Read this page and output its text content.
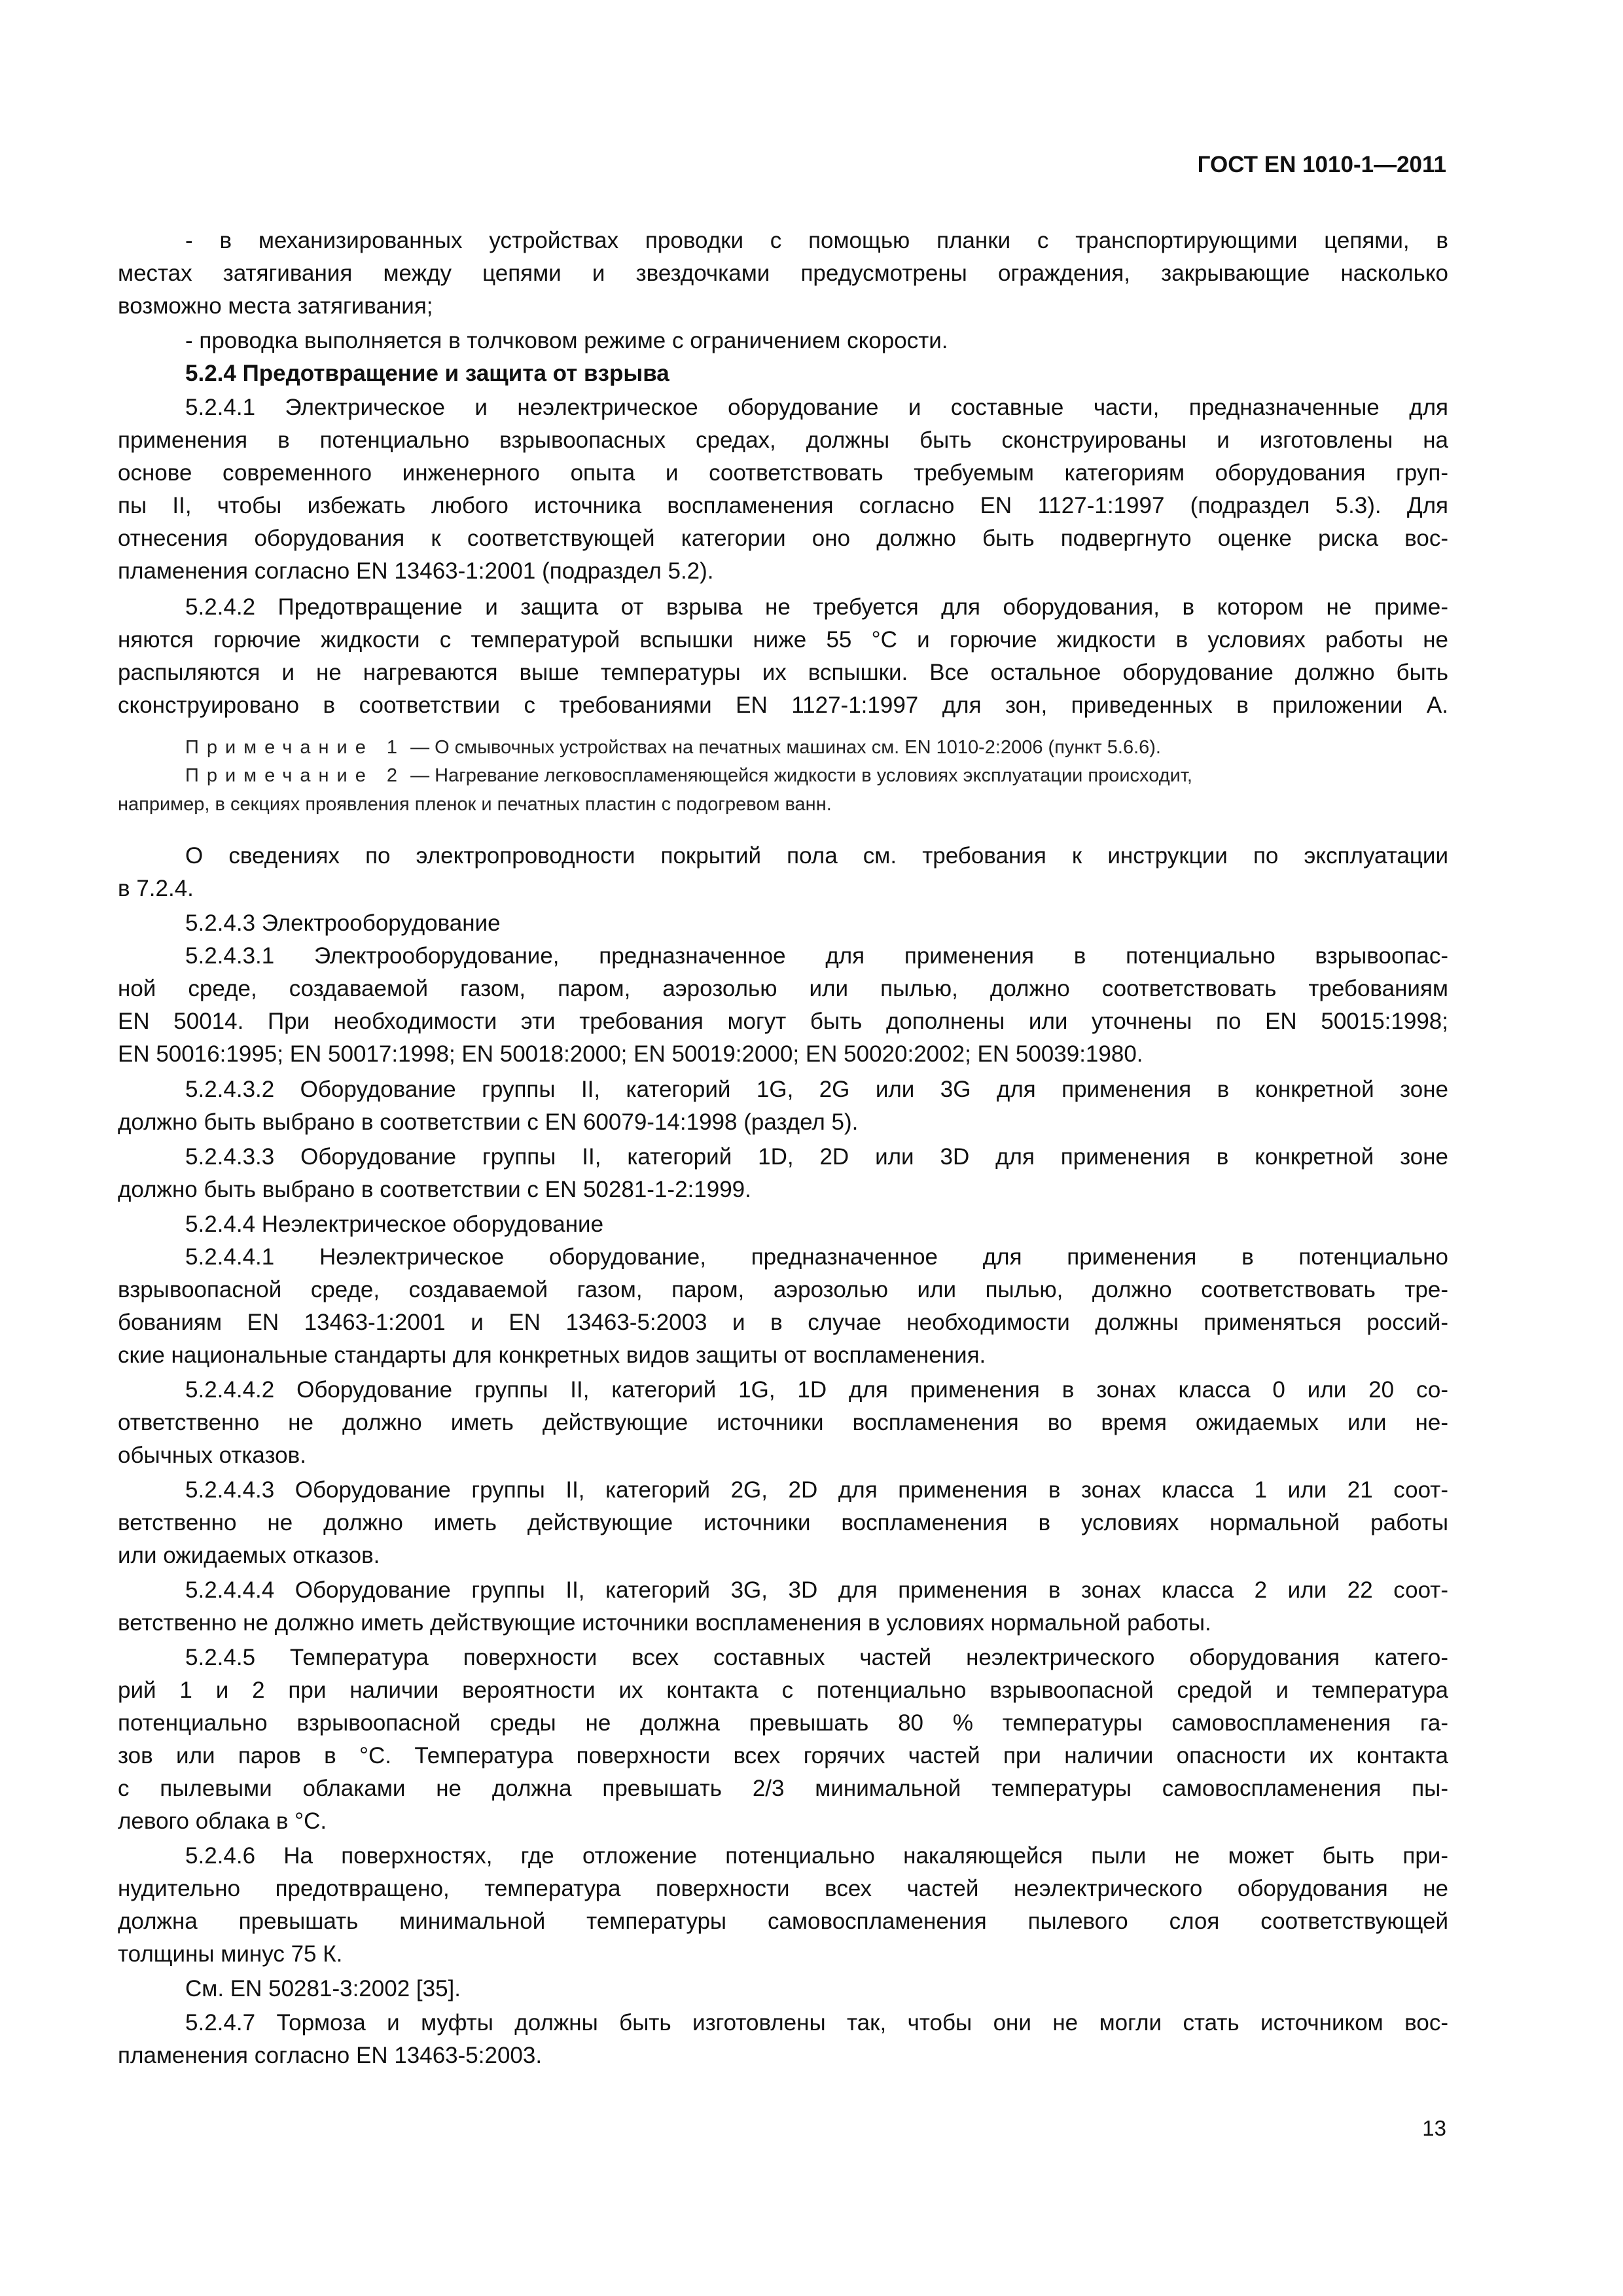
ГОСТ EN 1010-1—2011
- в механизированных устройствах проводки с помощью планки с транспортирующими цепями, в
местах затягивания между цепями и звездочками предусмотрены ограждения, закрывающие насколько
возможно места затягивания;
- проводка выполняется в толчковом режиме с ограничением скорости.
5.2.4 Предотвращение и защита от взрыва
5.2.4.1 Электрическое и неэлектрическое оборудование и составные части, предназначенные для
применения в потенциально взрывоопасных средах, должны быть сконструированы и изготовлены на
основе современного инженерного опыта и соответствовать требуемым категориям оборудования груп-
пы II, чтобы избежать любого источника воспламенения согласно EN 1127-1:1997 (подраздел 5.3). Для
отнесения оборудования к соответствующей категории оно должно быть подвергнуто оценке риска вос-
пламенения согласно EN 13463-1:2001 (подраздел 5.2).
5.2.4.2 Предотвращение и защита от взрыва не требуется для оборудования, в котором не приме-
няются горючие жидкости с температурой вспышки ниже 55 °С и горючие жидкости в условиях работы не
распыляются и не нагреваются выше температуры их вспышки. Все остальное оборудование должно быть
сконструировано в соответствии с требованиями EN 1127-1:1997 для зон, приведенных в приложении А.
Примечание 1 — О смывочных устройствах на печатных машинах см. EN 1010-2:2006 (пункт 5.6.6).
Примечание 2 — Нагревание легковоспламеняющейся жидкости в условиях эксплуатации происходит,
например, в секциях проявления пленок и печатных пластин с подогревом ванн.
О сведениях по электропроводности покрытий пола см. требования к инструкции по эксплуатации
в 7.2.4.
5.2.4.3 Электрооборудование
5.2.4.3.1 Электрооборудование, предназначенное для применения в потенциально взрывоопас-
ной среде, создаваемой газом, паром, аэрозолью или пылью, должно соответствовать требованиям
EN 50014. При необходимости эти требования могут быть дополнены или уточнены по EN 50015:1998;
EN 50016:1995; EN 50017:1998; EN 50018:2000; EN 50019:2000; EN 50020:2002; EN 50039:1980.
5.2.4.3.2 Оборудование группы II, категорий 1G, 2G или 3G для применения в конкретной зоне
должно быть выбрано в соответствии с EN 60079-14:1998 (раздел 5).
5.2.4.3.3 Оборудование группы II, категорий 1D, 2D или 3D для применения в конкретной зоне
должно быть выбрано в соответствии с EN 50281-1-2:1999.
5.2.4.4 Неэлектрическое оборудование
5.2.4.4.1 Неэлектрическое оборудование, предназначенное для применения в потенциально
взрывоопасной среде, создаваемой газом, паром, аэрозолью или пылью, должно соответствовать тре-
бованиям EN 13463-1:2001 и EN 13463-5:2003 и в случае необходимости должны применяться россий-
ские национальные стандарты для конкретных видов защиты от воспламенения.
5.2.4.4.2 Оборудование группы II, категорий 1G, 1D для применения в зонах класса 0 или 20 со-
ответственно не должно иметь действующие источники воспламенения во время ожидаемых или не-
обычных отказов.
5.2.4.4.3 Оборудование группы II, категорий 2G, 2D для применения в зонах класса 1 или 21 соот-
ветственно не должно иметь действующие источники воспламенения в условиях нормальной работы
или ожидаемых отказов.
5.2.4.4.4 Оборудование группы II, категорий 3G, 3D для применения в зонах класса 2 или 22 соот-
ветственно не должно иметь действующие источники воспламенения в условиях нормальной работы.
5.2.4.5 Температура поверхности всех составных частей неэлектрического оборудования катего-
рий 1 и 2 при наличии вероятности их контакта с потенциально взрывоопасной средой и температура
потенциально взрывоопасной среды не должна превышать 80 % температуры самовоспламенения га-
зов или паров в °С. Температура поверхности всех горячих частей при наличии опасности их контакта
с пылевыми облаками не должна превышать 2/3 минимальной температуры самовоспламенения пы-
левого облака в °С.
5.2.4.6 На поверхностях, где отложение потенциально накаляющейся пыли не может быть при-
нудительно предотвращено, температура поверхности всех частей неэлектрического оборудования не
должна превышать минимальной температуры самовоспламенения пылевого слоя соответствующей
толщины минус 75 К.
См. EN 50281-3:2002 [35].
5.2.4.7 Тормоза и муфты должны быть изготовлены так, чтобы они не могли стать источником вос-
пламенения согласно EN 13463-5:2003.
13
